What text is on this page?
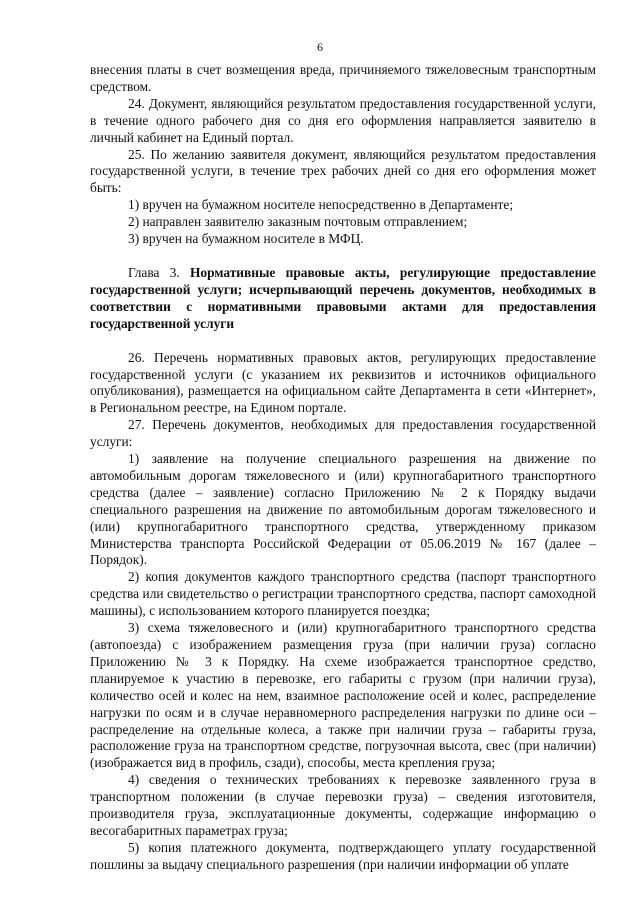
6

внесения платы в счет возмещения вреда, причиняемого тяжеловесным транспортным средством.

24. Документ, являющийся результатом предоставления государственной услуги, в течение одного рабочего дня со дня его оформления направляется заявителю в личный кабинет на Единый портал.

25. По желанию заявителя документ, являющийся результатом предоставления государственной услуги, в течение трех рабочих дней со дня его оформления может быть:

1) вручен на бумажном носителе непосредственно в Департаменте;

2) направлен заявителю заказным почтовым отправлением;

3) вручен на бумажном носителе в МФЦ.

Глава 3. Нормативные правовые акты, регулирующие предоставление государственной услуги; исчерпывающий перечень документов, необходимых в соответствии с нормативными правовыми актами для предоставления государственной услуги

26. Перечень нормативных правовых актов, регулирующих предоставление государственной услуги (с указанием их реквизитов и источников официального опубликования), размещается на официальном сайте Департамента в сети «Интернет», в Региональном реестре, на Едином портале.

27. Перечень документов, необходимых для предоставления государственной услуги:

1) заявление на получение специального разрешения на движение по автомобильным дорогам тяжеловесного и (или) крупногабаритного транспортного средства (далее – заявление) согласно Приложению № 2 к Порядку выдачи специального разрешения на движение по автомобильным дорогам тяжеловесного и (или) крупногабаритного транспортного средства, утвержденному приказом Министерства транспорта Российской Федерации от 05.06.2019 № 167 (далее – Порядок).

2) копия документов каждого транспортного средства (паспорт транспортного средства или свидетельство о регистрации транспортного средства, паспорт самоходной машины), с использованием которого планируется поездка;

3) схема тяжеловесного и (или) крупногабаритного транспортного средства (автопоезда) с изображением размещения груза (при наличии груза) согласно Приложению № 3 к Порядку. На схеме изображается транспортное средство, планируемое к участию в перевозке, его габариты с грузом (при наличии груза), количество осей и колес на нем, взаимное расположение осей и колес, распределение нагрузки по осям и в случае неравномерного распределения нагрузки по длине оси – распределение на отдельные колеса, а также при наличии груза – габариты груза, расположение груза на транспортном средстве, погрузочная высота, свес (при наличии) (изображается вид в профиль, сзади), способы, места крепления груза;

4) сведения о технических требованиях к перевозке заявленного груза в транспортном положении (в случае перевозки груза) – сведения изготовителя, производителя груза, эксплуатационные документы, содержащие информацию о весогабаритных параметрах груза;

5) копия платежного документа, подтверждающего уплату государственной пошлины за выдачу специального разрешения (при наличии информации об уплате
